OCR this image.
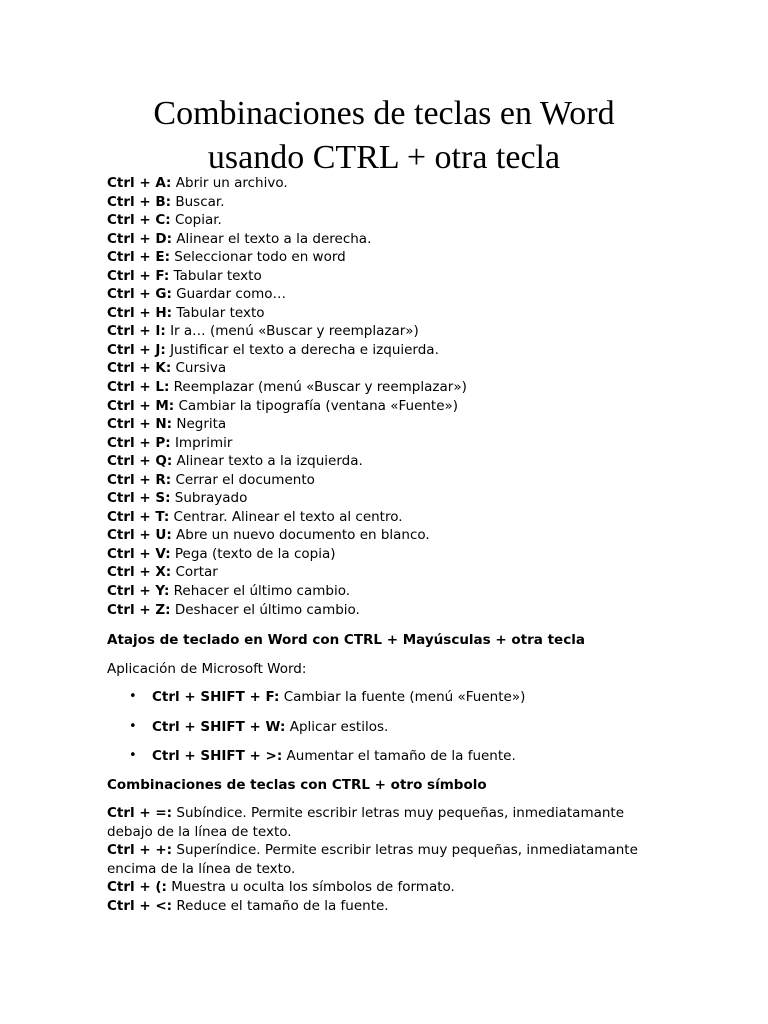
Combinaciones de teclas en Word
usando CTRL + otra tecla
Ctrl + A: Abrir un archivo.
Ctrl + B: Buscar.
Ctrl + C: Copiar.
Ctrl + D: Alinear el texto a la derecha.
Ctrl + E: Seleccionar todo en word
Ctrl + F: Tabular texto
Ctrl + G: Guardar como…
Ctrl + H: Tabular texto
Ctrl + I: Ir a… (menú «Buscar y reemplazar»)
Ctrl + J: Justificar el texto a derecha e izquierda.
Ctrl + K: Cursiva
Ctrl + L: Reemplazar (menú «Buscar y reemplazar»)
Ctrl + M: Cambiar la tipografía (ventana «Fuente»)
Ctrl + N: Negrita
Ctrl + P: Imprimir
Ctrl + Q: Alinear texto a la izquierda.
Ctrl + R: Cerrar el documento
Ctrl + S: Subrayado
Ctrl + T: Centrar. Alinear el texto al centro.
Ctrl + U: Abre un nuevo documento en blanco.
Ctrl + V: Pega (texto de la copia)
Ctrl + X: Cortar
Ctrl + Y: Rehacer el último cambio.
Ctrl + Z: Deshacer el último cambio.
Atajos de teclado en Word con CTRL + Mayúsculas + otra tecla
Aplicación de Microsoft Word:
• Ctrl + SHIFT + F: Cambiar la fuente (menú «Fuente»)
• Ctrl + SHIFT + W: Aplicar estilos.
• Ctrl + SHIFT + >: Aumentar el tamaño de la fuente.
Combinaciones de teclas con CTRL + otro símbolo
Ctrl + =: Subíndice. Permite escribir letras muy pequeñas, inmediatamante
debajo de la línea de texto.
Ctrl + +: Superíndice. Permite escribir letras muy pequeñas, inmediatamante
encima de la línea de texto.
Ctrl + (: Muestra u oculta los símbolos de formato.
Ctrl + <: Reduce el tamaño de la fuente.
